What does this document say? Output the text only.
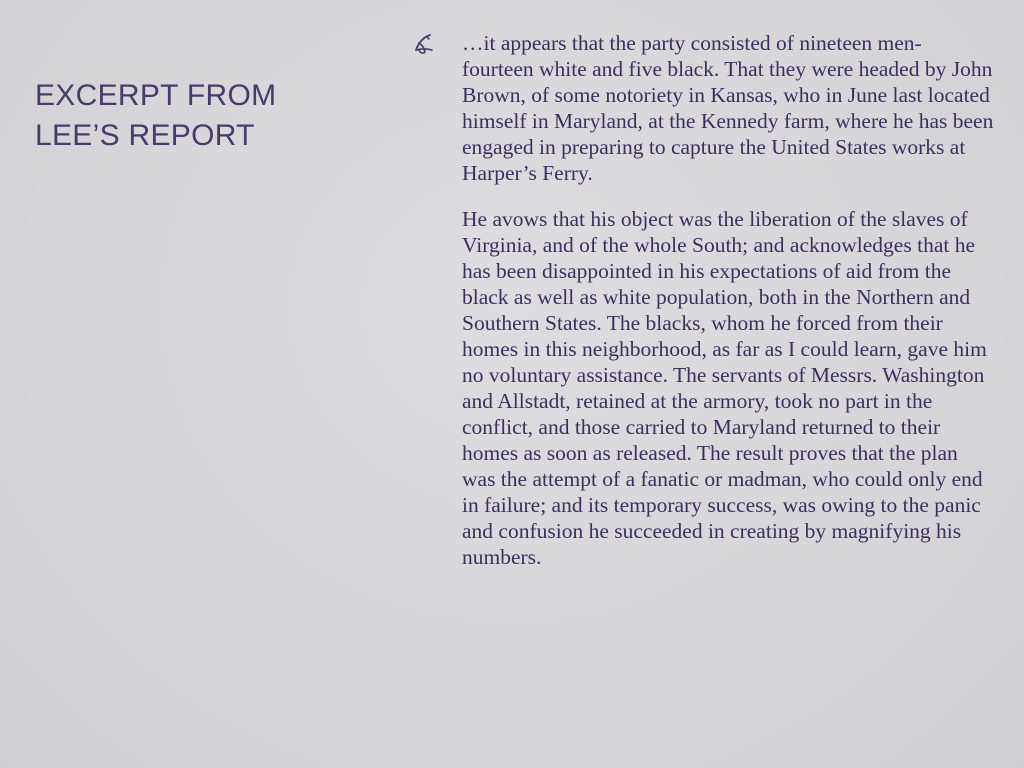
EXCERPT FROM
LEE’S REPORT

…it appears that the party consisted of nineteen men- fourteen white and five black. That they were headed by John Brown, of some notoriety in Kansas, who in June last located himself in Maryland, at the Kennedy farm, where he has been engaged in preparing to capture the United States works at Harper’s Ferry.

He avows that his object was the liberation of the slaves of Virginia, and of the whole South; and acknowledges that he has been disappointed in his expectations of aid from the black as well as white population, both in the Northern and Southern States. The blacks, whom he forced from their homes in this neighborhood, as far as I could learn, gave him no voluntary assistance. The servants of Messrs. Washington and Allstadt, retained at the armory, took no part in the conflict, and those carried to Maryland returned to their homes as soon as released. The result proves that the plan was the attempt of a fanatic or madman, who could only end in failure; and its temporary success, was owing to the panic and confusion he succeeded in creating by magnifying his numbers.
